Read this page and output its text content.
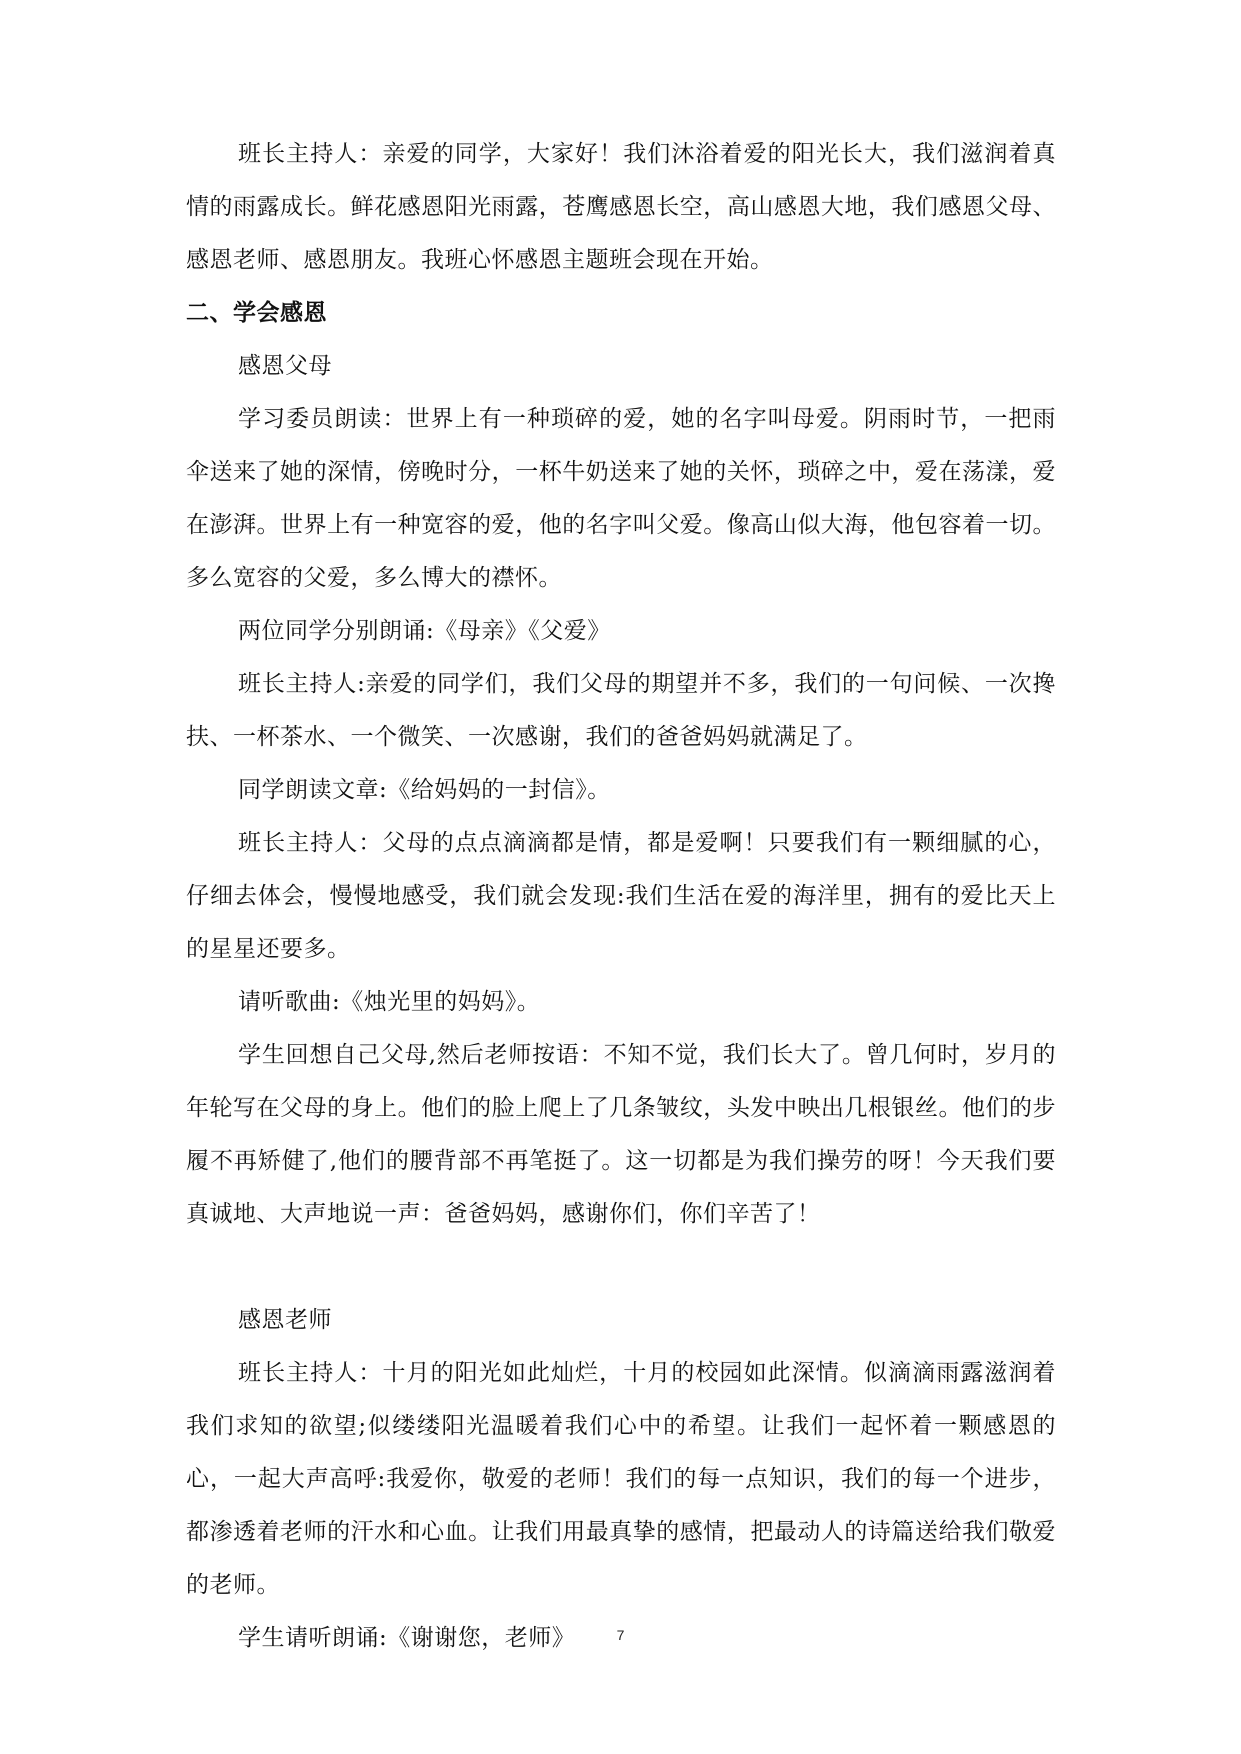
班长主持人：亲爱的同学，大家好！我们沐浴着爱的阳光长大，我们滋润着真情的雨露成长。鲜花感恩阳光雨露，苍鹰感恩长空，高山感恩大地，我们感恩父母、感恩老师、感恩朋友。我班心怀感恩主题班会现在开始。

二、学会感恩

感恩父母

学习委员朗读：世界上有一种琐碎的爱，她的名字叫母爱。阴雨时节，一把雨伞送来了她的深情，傍晚时分，一杯牛奶送来了她的关怀，琐碎之中，爱在荡漾，爱在澎湃。世界上有一种宽容的爱，他的名字叫父爱。像高山似大海，他包容着一切。多么宽容的父爱，多么博大的襟怀。

两位同学分别朗诵:《母亲》《父爱》

班长主持人:亲爱的同学们，我们父母的期望并不多，我们的一句问候、一次搀扶、一杯茶水、一个微笑、一次感谢，我们的爸爸妈妈就满足了。

同学朗读文章:《给妈妈的一封信》。

班长主持人：父母的点点滴滴都是情，都是爱啊！只要我们有一颗细腻的心，仔细去体会，慢慢地感受，我们就会发现:我们生活在爱的海洋里，拥有的爱比天上的星星还要多。

请听歌曲:《烛光里的妈妈》。

学生回想自己父母,然后老师按语：不知不觉，我们长大了。曾几何时，岁月的年轮写在父母的身上。他们的脸上爬上了几条皱纹，头发中映出几根银丝。他们的步履不再矫健了,他们的腰背部不再笔挺了。这一切都是为我们操劳的呀！今天我们要真诚地、大声地说一声：爸爸妈妈，感谢你们，你们辛苦了！

感恩老师

班长主持人：十月的阳光如此灿烂，十月的校园如此深情。似滴滴雨露滋润着我们求知的欲望;似缕缕阳光温暖着我们心中的希望。让我们一起怀着一颗感恩的心，一起大声高呼:我爱你，敬爱的老师！我们的每一点知识，我们的每一个进步，都渗透着老师的汗水和心血。让我们用最真挚的感情，把最动人的诗篇送给我们敬爱的老师。

学生请听朗诵:《谢谢您，老师》	7
